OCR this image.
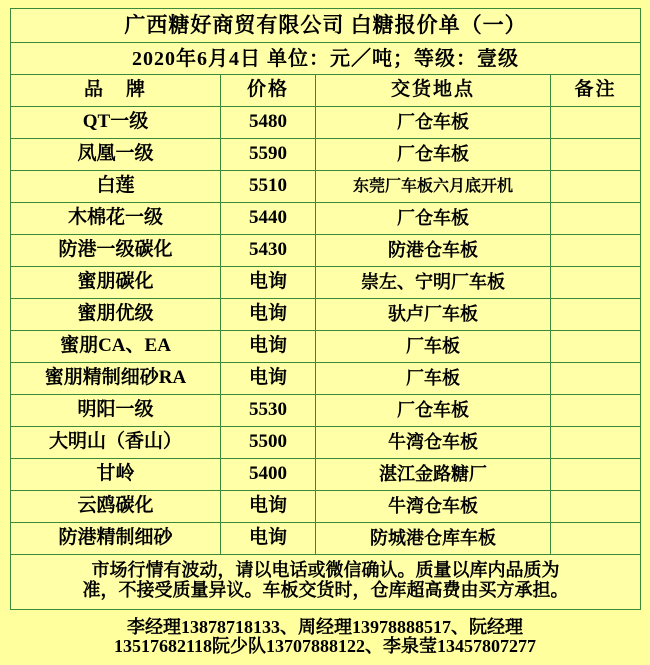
广西糖好商贸有限公司 白糖报价单（一）			
2020年6月4日 单位：元／吨；等级：壹级			
品　牌	价格	交货地点	备注
QT一级	5480	厂仓车板	
凤凰一级	5590	厂仓车板	
白莲	5510	东莞厂车板六月底开机	
木棉花一级	5440	厂仓车板	
防港一级碳化	5430	防港仓车板	
蜜朋碳化	电询	崇左、宁明厂车板	
蜜朋优级	电询	驮卢厂车板	
蜜朋CA、EA	电询	厂车板	
蜜朋精制细砂RA	电询	厂车板	
明阳一级	5530	厂仓车板	
大明山（香山）	5500	牛湾仓车板	
甘岭	5400	湛江金路糖厂	
云鸥碳化	电询	牛湾仓车板	
防港精制细砂	电询	防城港仓库车板	

市场行情有波动，请以电话或微信确认。质量以库内品质为
准，不接受质量异议。车板交货时，仓库超高费由买方承担。			
李经理13878718133、周经理13978888517、阮经理
13517682118阮少队13707888122、李泉莹13457807277
